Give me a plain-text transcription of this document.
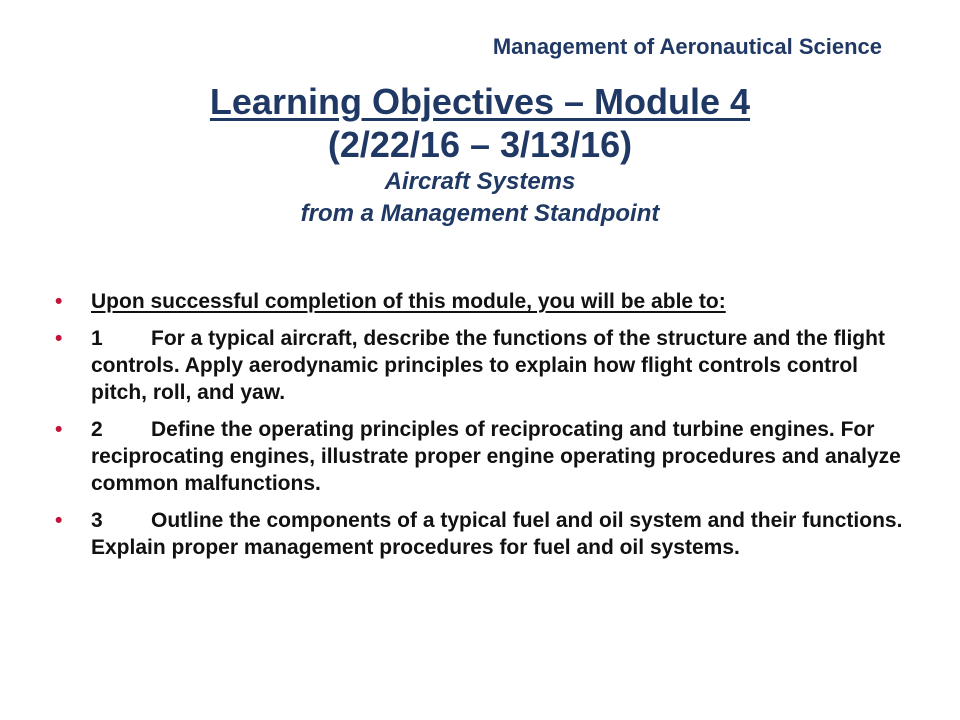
Management of Aeronautical Science
Learning Objectives – Module 4
(2/22/16 – 3/13/16)
Aircraft Systems
from a Management Standpoint
• Upon successful completion of this module, you will be able to:
• 1 For a typical aircraft, describe the functions of the structure and the flight controls. Apply aerodynamic principles to explain how flight controls control pitch, roll, and yaw.
• 2 Define the operating principles of reciprocating and turbine engines. For reciprocating engines, illustrate proper engine operating procedures and analyze common malfunctions.
• 3 Outline the components of a typical fuel and oil system and their functions. Explain proper management procedures for fuel and oil systems.
